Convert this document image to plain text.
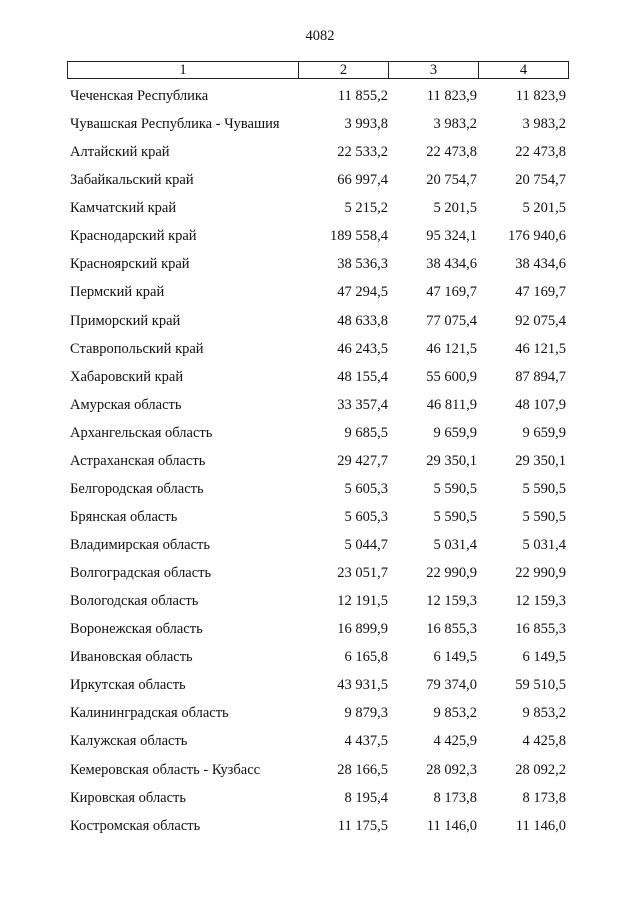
4082
1	2	3	4
Чеченская Республика	11 855,2	11 823,9	11 823,9
Чувашская Республика - Чувашия	3 993,8	3 983,2	3 983,2
Алтайский край	22 533,2	22 473,8	22 473,8
Забайкальский край	66 997,4	20 754,7	20 754,7
Камчатский край	5 215,2	5 201,5	5 201,5
Краснодарский край	189 558,4	95 324,1	176 940,6
Красноярский край	38 536,3	38 434,6	38 434,6
Пермский край	47 294,5	47 169,7	47 169,7
Приморский край	48 633,8	77 075,4	92 075,4
Ставропольский край	46 243,5	46 121,5	46 121,5
Хабаровский край	48 155,4	55 600,9	87 894,7
Амурская область	33 357,4	46 811,9	48 107,9
Архангельская область	9 685,5	9 659,9	9 659,9
Астраханская область	29 427,7	29 350,1	29 350,1
Белгородская область	5 605,3	5 590,5	5 590,5
Брянская область	5 605,3	5 590,5	5 590,5
Владимирская область	5 044,7	5 031,4	5 031,4
Волгоградская область	23 051,7	22 990,9	22 990,9
Вологодская область	12 191,5	12 159,3	12 159,3
Воронежская область	16 899,9	16 855,3	16 855,3
Ивановская область	6 165,8	6 149,5	6 149,5
Иркутская область	43 931,5	79 374,0	59 510,5
Калининградская область	9 879,3	9 853,2	9 853,2
Калужская область	4 437,5	4 425,9	4 425,8
Кемеровская область - Кузбасс	28 166,5	28 092,3	28 092,2
Кировская область	8 195,4	8 173,8	8 173,8
Костромская область	11 175,5	11 146,0	11 146,0
